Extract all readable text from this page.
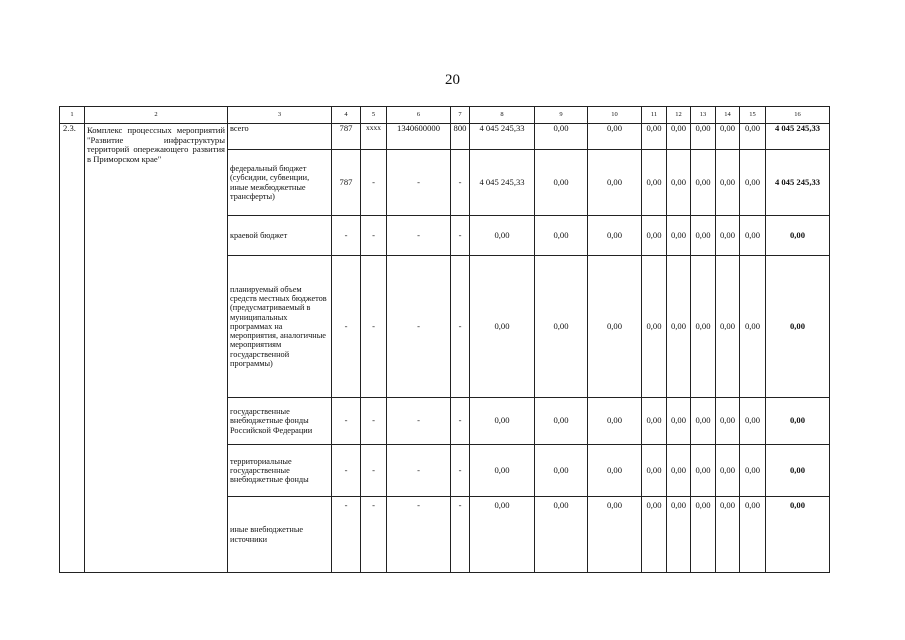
20
1	2	3	4	5	6	7	8	9	10	11	12	13	14	15	16
2.3.	Комплекс процессных мероприятий "Развитие инфраструктуры территорий опережающего развития в Приморском крае"	всего	787	хххх	1340600000	800	4 045 245,33	0,00	0,00	0,00	0,00	0,00	0,00	0,00	4 045 245,33
		федеральный бюджет (субсидии, субвенции, иные межбюджетные трансферты)	787	-	-	-	4 045 245,33	0,00	0,00	0,00	0,00	0,00	0,00	0,00	4 045 245,33
		краевой бюджет	-	-	-	-	0,00	0,00	0,00	0,00	0,00	0,00	0,00	0,00	0,00
		планируемый объем средств местных бюджетов (предусматриваемый в муниципальных программах на мероприятия, аналогичные мероприятиям государственной программы)	-	-	-	-	0,00	0,00	0,00	0,00	0,00	0,00	0,00	0,00	0,00
		государственные внебюджетные фонды Российской Федерации	-	-	-	-	0,00	0,00	0,00	0,00	0,00	0,00	0,00	0,00	0,00
		территориальные государственные внебюджетные фонды	-	-	-	-	0,00	0,00	0,00	0,00	0,00	0,00	0,00	0,00	0,00
		иные внебюджетные источники	-	-	-	-	0,00	0,00	0,00	0,00	0,00	0,00	0,00	0,00	0,00
